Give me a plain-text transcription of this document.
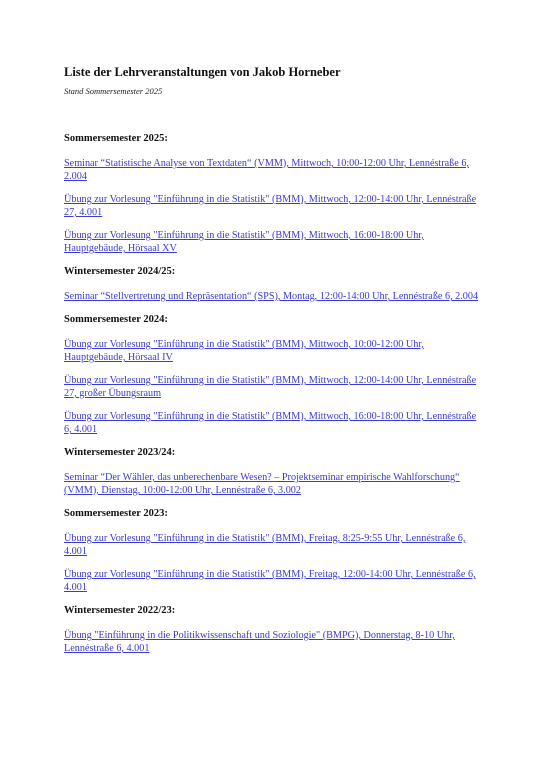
Liste der Lehrveranstaltungen von Jakob Horneber

Stand Sommersemester 2025

Sommersemester 2025:

Seminar “Statistische Analyse von Textdaten“ (VMM), Mittwoch, 10:00-12:00 Uhr, Lennéstraße 6, 2.004
Übung zur Vorlesung "Einführung in die Statistik" (BMM), Mittwoch, 12:00-14:00 Uhr, Lennéstraße 27, 4.001
Übung zur Vorlesung "Einführung in die Statistik" (BMM), Mittwoch, 16:00-18:00 Uhr, Hauptgebäude, Hörsaal XV

Wintersemester 2024/25:

Seminar “Stellvertretung und Repräsentation“ (SPS), Montag, 12:00-14:00 Uhr, Lennéstraße 6, 2.004

Sommersemester 2024:

Übung zur Vorlesung "Einführung in die Statistik" (BMM), Mittwoch, 10:00-12:00 Uhr, Hauptgebäude, Hörsaal IV
Übung zur Vorlesung "Einführung in die Statistik" (BMM), Mittwoch, 12:00-14:00 Uhr, Lennéstraße 27, großer Übungsraum
Übung zur Vorlesung "Einführung in die Statistik" (BMM), Mittwoch, 16:00-18:00 Uhr, Lennéstraße 6, 4.001

Wintersemester 2023/24:

Seminar “Der Wähler, das unberechenbare Wesen? – Projektseminar empirische Wahlforschung“ (VMM), Dienstag, 10:00-12:00 Uhr, Lennéstraße 6, 3.002

Sommersemester 2023:

Übung zur Vorlesung "Einführung in die Statistik" (BMM), Freitag, 8:25-9:55 Uhr, Lennéstraße 6, 4.001
Übung zur Vorlesung "Einführung in die Statistik" (BMM), Freitag, 12:00-14:00 Uhr, Lennéstraße 6, 4.001

Wintersemester 2022/23:

Übung "Einführung in die Politikwissenschaft und Soziologie" (BMPG), Donnerstag, 8-10 Uhr, Lennéstraße 6, 4.001
